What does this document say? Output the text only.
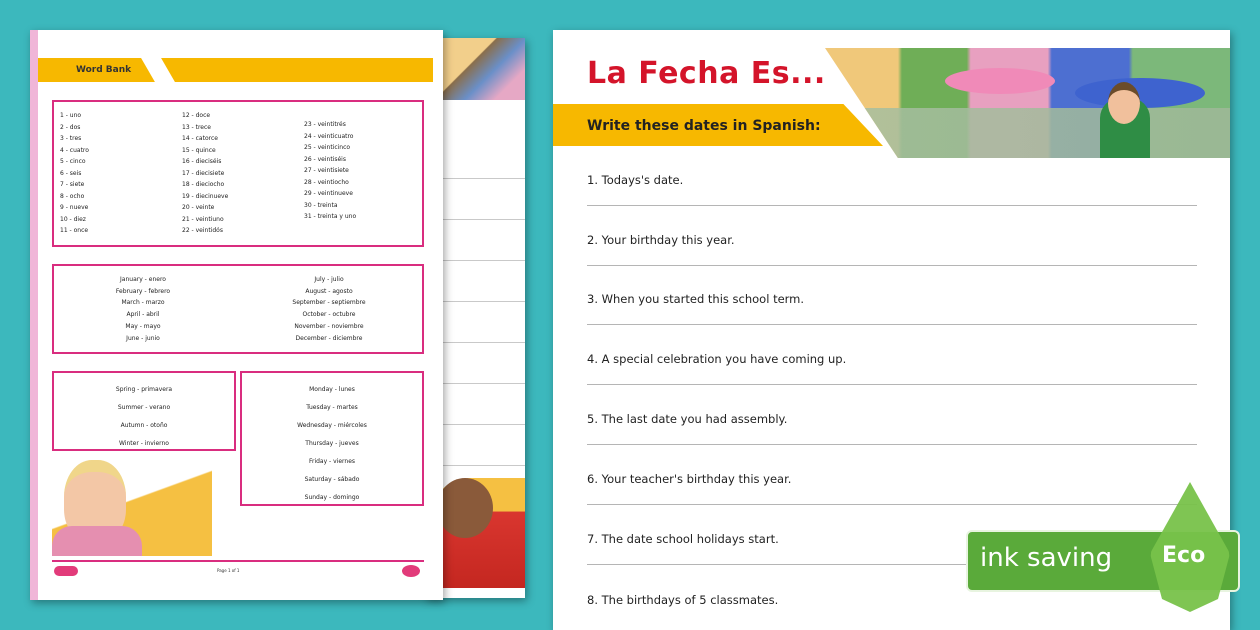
Word Bank
1 - uno
2 - dos
3 - tres
4 - cuatro
5 - cinco
6 - seis
7 - siete
8 - ocho
9 - nueve
10 - diez
11 - once
12 - doce
13 - trece
14 - catorce
15 - quince
16 - dieciséis
17 - diecisiete
18 - dieciocho
19 - diecinueve
20 - veinte
21 - veintiuno
22 - veintidós
23 - veintitrés
24 - veinticuatro
25 - veinticinco
26 - veintiséis
27 - veintisiete
28 - veintiocho
29 - veintinueve
30 - treinta
31 - treinta y uno
January - enero
February - febrero
March - marzo
April - abril
May - mayo
June - junio
July - julio
August - agosto
September - septiembre
October - octubre
November - noviembre
December - diciembre
Spring - primavera
Summer - verano
Autumn - otoño
Winter - invierno
Monday - lunes
Tuesday - martes
Wednesday - miércoles
Thursday - jueves
Friday - viernes
Saturday - sábado
Sunday - domingo
Page 1 of 1
La Fecha Es...
Write these dates in Spanish:
1. Todays's date.
2. Your birthday this year.
3. When you started this school term.
4. A special celebration you have coming up.
5. The last date you had assembly.
6. Your teacher's birthday this year.
7. The date school holidays start.
8. The birthdays of 5 classmates.
ink saving Eco
